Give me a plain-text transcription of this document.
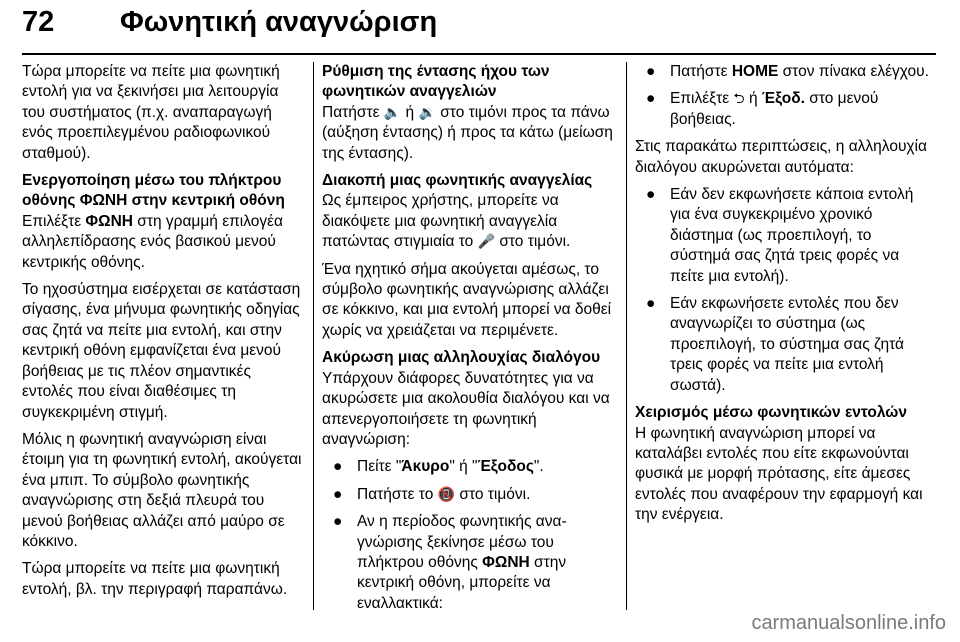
72 Φωνητική αναγνώριση

Τώρα μπορείτε να πείτε μια φωνητική εντολή για να ξεκινήσει μια λειτουργία του συστήματος (π.χ. αναπαραγωγή ενός προεπιλεγμένου ραδιοφωνικού σταθμού).

Ενεργοποίηση μέσω του πλήκτρου οθόνης ΦΩΝΗ στην κεντρική οθόνη

Επιλέξτε ΦΩΝΗ στη γραμμή επιλογέα αλληλεπίδρασης ενός βασικού μενού κεντρικής οθόνης.

Το ηχοσύστημα εισέρχεται σε κατάσταση σίγασης, ένα μήνυμα φωνητικής οδηγίας σας ζητά να πείτε μια εντολή, και στην κεντρική οθόνη εμφανίζεται ένα μενού βοήθειας με τις πλέον σημαντικές εντολές που είναι διαθέσιμες τη συγκεκριμένη στιγμή.

Μόλις η φωνητική αναγνώριση είναι έτοιμη για τη φωνητική εντολή, ακούγεται ένα μπιπ. Το σύμβολο φωνητικής αναγνώρισης στη δεξιά πλευρά του μενού βοήθειας αλλάζει από μαύρο σε κόκκινο.

Τώρα μπορείτε να πείτε μια φωνητική εντολή, βλ. την περιγραφή παραπάνω.

Ρύθμιση της έντασης ήχου των φωνητικών αναγγελιών

Πατήστε 🔈 ή 🔉 στο τιμόνι προς τα πάνω (αύξηση έντασης) ή προς τα κάτω (μείωση της έντασης).

Διακοπή μιας φωνητικής αναγγελίας

Ως έμπειρος χρήστης, μπορείτε να διακόψετε μια φωνητική αναγγελία πατώντας στιγμιαία το 🎤 στο τιμόνι.

Ένα ηχητικό σήμα ακούγεται αμέσως, το σύμβολο φωνητικής αναγνώρισης αλλάζει σε κόκκινο, και μια εντολή μπορεί να δοθεί χωρίς να χρειάζεται να περιμένετε.

Ακύρωση μιας αλληλουχίας διαλόγου

Υπάρχουν διάφορες δυνατότητες για να ακυρώσετε μια ακολουθία διαλόγου και να απενεργοποιήσετε τη φωνητική αναγνώριση:

● Πείτε "Άκυρο" ή "Έξοδος".
● Πατήστε το 📵 στο τιμόνι.
● Αν η περίοδος φωνητικής αναγνώρισης ξεκίνησε μέσω του πλήκτρου οθόνης ΦΩΝΗ στην κεντρική οθόνη, μπορείτε να εναλλακτικά:
● Πατήστε HOME στον πίνακα ελέγχου.
● Επιλέξτε ⮌ ή Έξοδ. στο μενού βοήθειας.

Στις παρακάτω περιπτώσεις, η αλληλουχία διαλόγου ακυρώνεται αυτόματα:

● Εάν δεν εκφωνήσετε κάποια εντολή για ένα συγκεκριμένο χρονικό διάστημα (ως προεπιλογή, το σύστημά σας ζητά τρεις φορές να πείτε μια εντολή).
● Εάν εκφωνήσετε εντολές που δεν αναγνωρίζει το σύστημα (ως προεπιλογή, το σύστημα σας ζητά τρεις φορές να πείτε μια εντολή σωστά).
Χειρισμός μέσω φωνητικών εντολών

Η φωνητική αναγνώριση μπορεί να καταλάβει εντολές που είτε εκφωνούνται φυσικά με μορφή πρότασης, είτε άμεσες εντολές που αναφέρουν την εφαρμογή και την ενέργεια.

carmanualsonline.info
